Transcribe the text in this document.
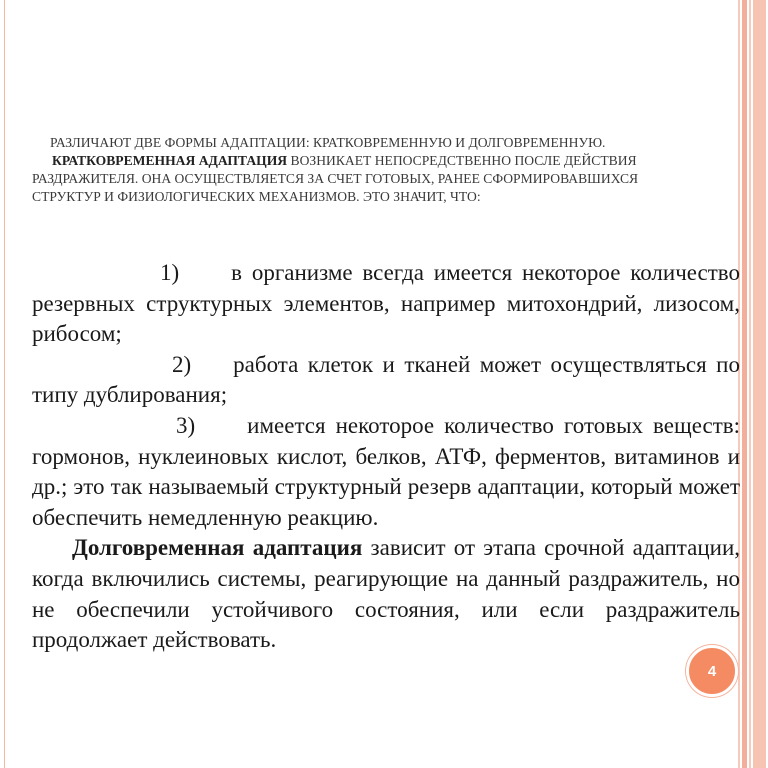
РАЗЛИЧАЮТ ДВЕ ФОРМЫ АДАПТАЦИИ: КРАТКОВРЕМЕННУЮ И ДОЛГОВРЕМЕННУЮ.

КРАТКОВРЕМЕННАЯ АДАПТАЦИЯ ВОЗНИКАЕТ НЕПОСРЕДСТВЕННО ПОСЛЕ ДЕЙСТВИЯ РАЗДРАЖИТЕЛЯ. ОНА ОСУЩЕСТВЛЯЕТСЯ ЗА СЧЕТ ГОТОВЫХ, РАНЕЕ СФОРМИРОВАВШИХСЯ СТРУКТУР И ФИЗИОЛОГИЧЕСКИХ МЕХАНИЗМОВ. ЭТО ЗНАЧИТ, ЧТО:

1) в организме всегда имеется некоторое количество резервных структурных элементов, например митохондрий, лизосом, рибосом;

2) работа клеток и тканей может осуществляться по типу дублирования;

3) имеется некоторое количество готовых веществ: гормонов, нуклеиновых кислот, белков, АТФ, ферментов, витаминов и др.; это так называемый структурный резерв адаптации, который может обеспечить немедленную реакцию.

Долговременная адаптация зависит от этапа срочной адаптации, когда включились системы, реагирующие на данный раздражитель, но не обеспечили устойчивого состояния, или если раздражитель продолжает действовать.

4
